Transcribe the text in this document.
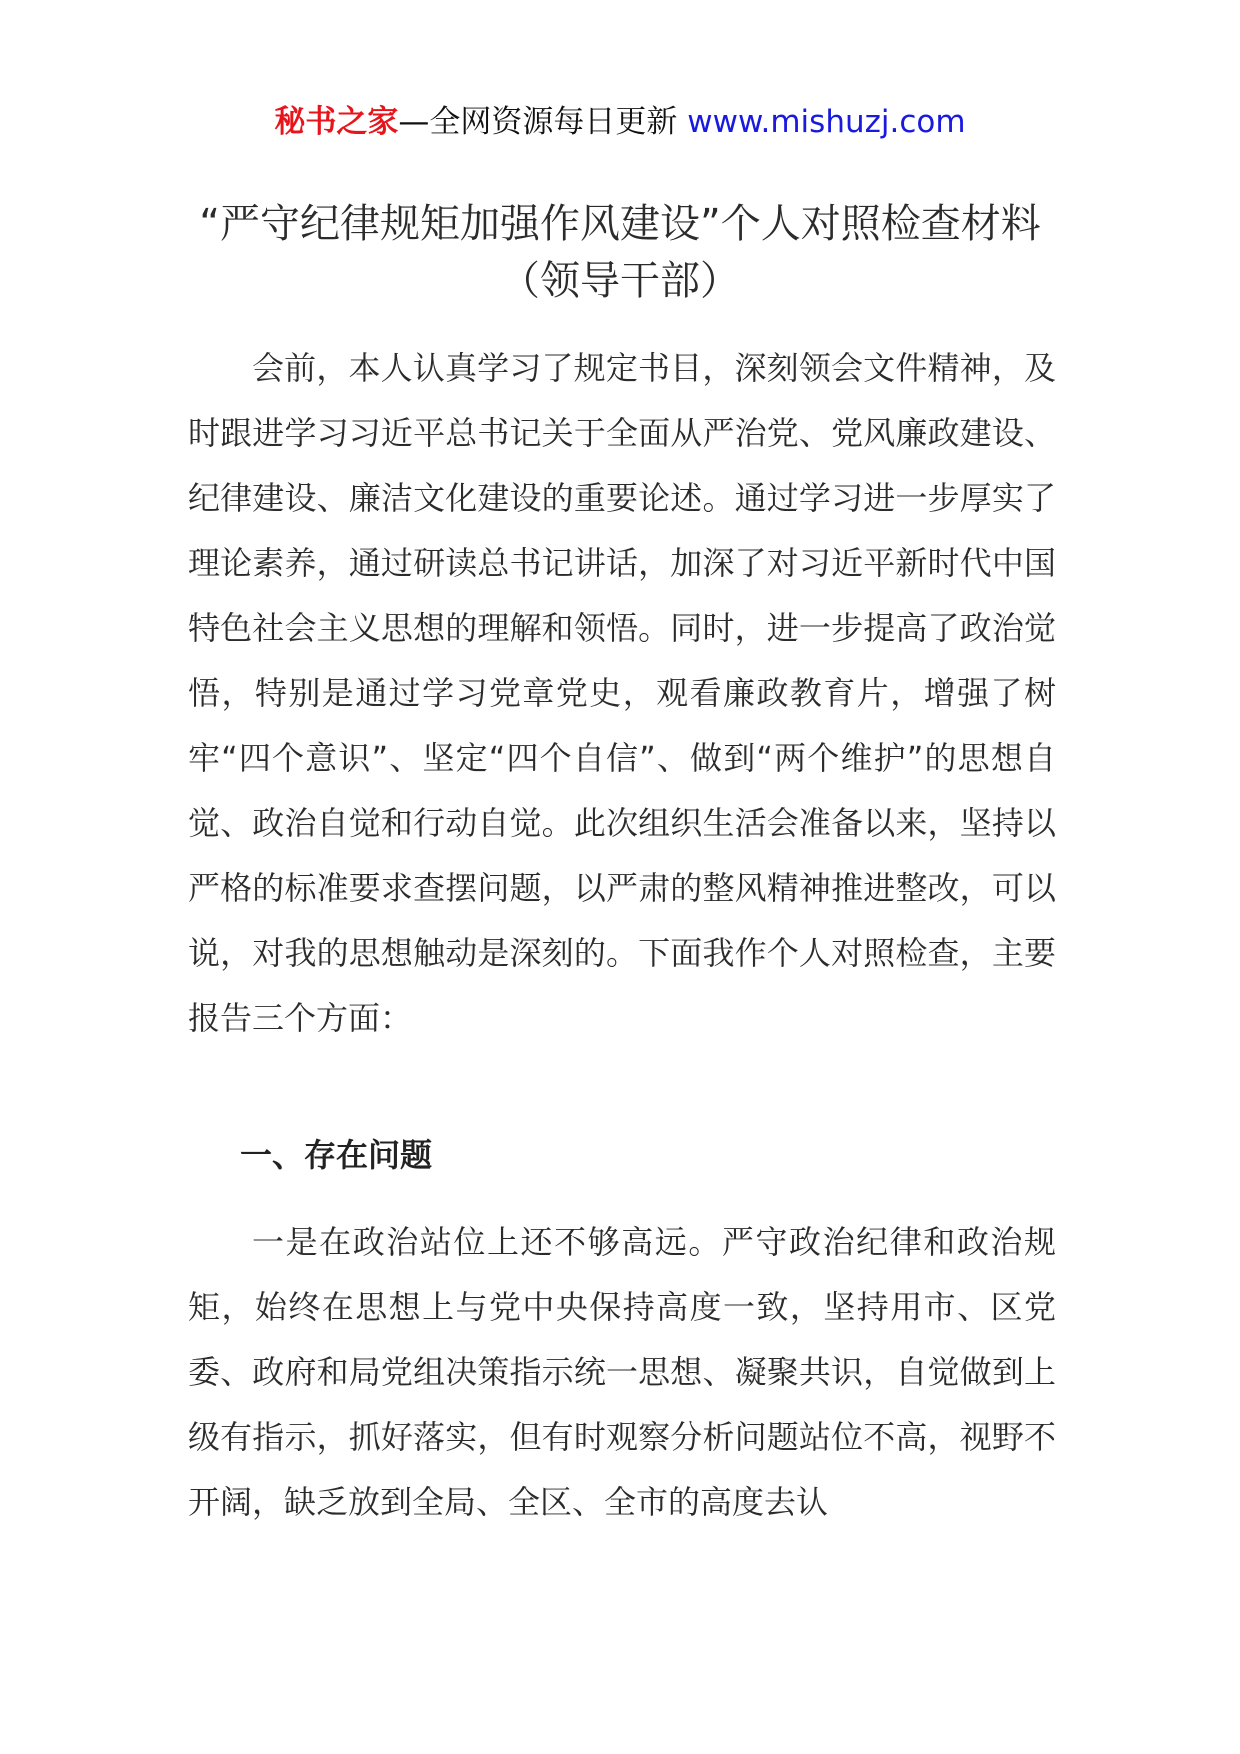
秘书之家—全网资源每日更新 www.mishuzj.com
“严守纪律规矩加强作风建设”个人对照检查材料（领导干部）

会前，本人认真学习了规定书目，深刻领会文件精神，及时跟进学习习近平总书记关于全面从严治党、党风廉政建设、纪律建设、廉洁文化建设的重要论述。通过学习进一步厚实了理论素养，通过研读总书记讲话，加深了对习近平新时代中国特色社会主义思想的理解和领悟。同时，进一步提高了政治觉悟，特别是通过学习党章党史，观看廉政教育片，增强了树牢“四个意识”、坚定“四个自信”、做到“两个维护”的思想自觉、政治自觉和行动自觉。此次组织生活会准备以来，坚持以严格的标准要求查摆问题，以严肃的整风精神推进整改，可以说，对我的思想触动是深刻的。下面我作个人对照检查，主要报告三个方面：

一、存在问题

一是在政治站位上还不够高远。严守政治纪律和政治规矩，始终在思想上与党中央保持高度一致，坚持用市、区党委、政府和局党组决策指示统一思想、凝聚共识，自觉做到上级有指示，抓好落实，但有时观察分析问题站位不高，视野不开阔，缺乏放到全局、全区、全市的高度去认
